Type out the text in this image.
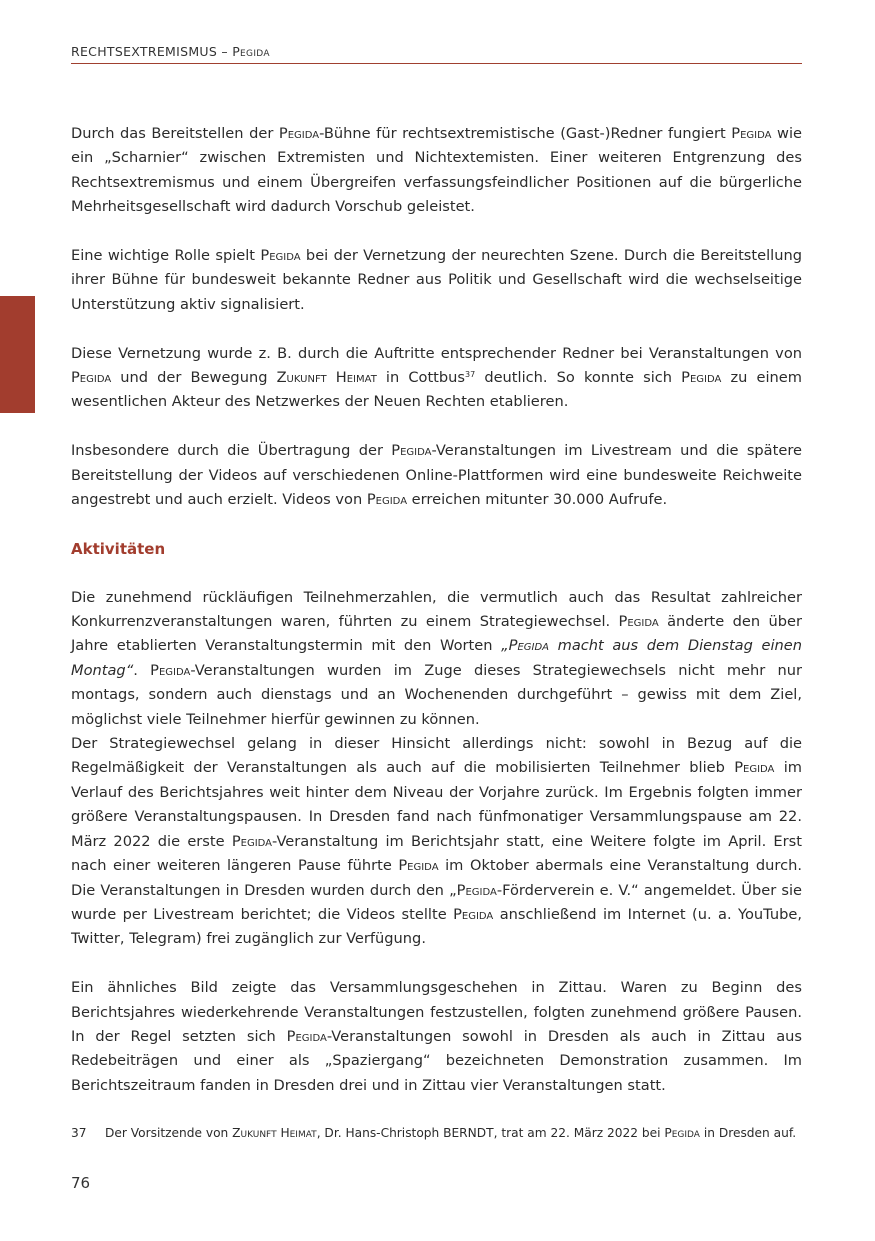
RECHTSEXTREMISMUS – Pegida

Durch das Bereitstellen der Pegida-Bühne für rechtsextremistische (Gast-)Redner fungiert Pegida wie ein „Scharnier“ zwischen Extremisten und Nichtextemisten. Einer weiteren Entgrenzung des Rechtsextremismus und einem Übergreifen verfassungsfeindlicher Positionen auf die bürgerliche Mehrheitsgesellschaft wird dadurch Vorschub geleistet.

Eine wichtige Rolle spielt Pegida bei der Vernetzung der neurechten Szene. Durch die Bereitstellung ihrer Bühne für bundesweit bekannte Redner aus Politik und Gesellschaft wird die wechselseitige Unterstützung aktiv signalisiert.

Diese Vernetzung wurde z. B. durch die Auftritte entsprechender Redner bei Veranstaltungen von Pegida und der Bewegung Zukunft Heimat in Cottbus$^{37}$ deutlich. So konnte sich Pegida zu einem wesentlichen Akteur des Netzwerkes der Neuen Rechten etablieren.

Insbesondere durch die Übertragung der Pegida-Veranstaltungen im Livestream und die spätere Bereitstellung der Videos auf verschiedenen Online-Plattformen wird eine bundesweite Reichweite angestrebt und auch erzielt. Videos von Pegida erreichen mitunter 30.000 Aufrufe.

Aktivitäten

Die zunehmend rückläufigen Teilnehmerzahlen, die vermutlich auch das Resultat zahlreicher Konkurrenzveranstaltungen waren, führten zu einem Strategiewechsel. Pegida änderte den über Jahre etablierten Veranstaltungstermin mit den Worten „Pegida macht aus dem Dienstag einen Montag“. Pegida-Veranstaltungen wurden im Zuge dieses Strategiewechsels nicht mehr nur montags, sondern auch dienstags und an Wochenenden durchgeführt – gewiss mit dem Ziel, möglichst viele Teilnehmer hierfür gewinnen zu können.

Der Strategiewechsel gelang in dieser Hinsicht allerdings nicht: sowohl in Bezug auf die Regelmäßigkeit der Veranstaltungen als auch auf die mobilisierten Teilnehmer blieb Pegida im Verlauf des Berichtsjahres weit hinter dem Niveau der Vorjahre zurück. Im Ergebnis folgten immer größere Veranstaltungspausen. In Dresden fand nach fünfmonatiger Versammlungspause am 22. März 2022 die erste Pegida-Veranstaltung im Berichtsjahr statt, eine Weitere folgte im April. Erst nach einer weiteren längeren Pause führte Pegida im Oktober abermals eine Veranstaltung durch. Die Veranstaltungen in Dresden wurden durch den „Pegida-Förderverein e. V.“ angemeldet. Über sie wurde per Livestream berichtet; die Videos stellte Pegida anschließend im Internet (u. a. YouTube, Twitter, Telegram) frei zugänglich zur Verfügung.

Ein ähnliches Bild zeigte das Versammlungsgeschehen in Zittau. Waren zu Beginn des Berichtsjahres wiederkehrende Veranstaltungen festzustellen, folgten zunehmend größere Pausen. In der Regel setzten sich Pegida-Veranstaltungen sowohl in Dresden als auch in Zittau aus Redebeiträgen und einer als „Spaziergang“ bezeichneten Demonstration zusammen. Im Berichtszeitraum fanden in Dresden drei und in Zittau vier Veranstaltungen statt.

37	Der Vorsitzende von Zukunft Heimat, Dr. Hans-Christoph BERNDT, trat am 22. März 2022 bei Pegida in Dresden auf.
76
